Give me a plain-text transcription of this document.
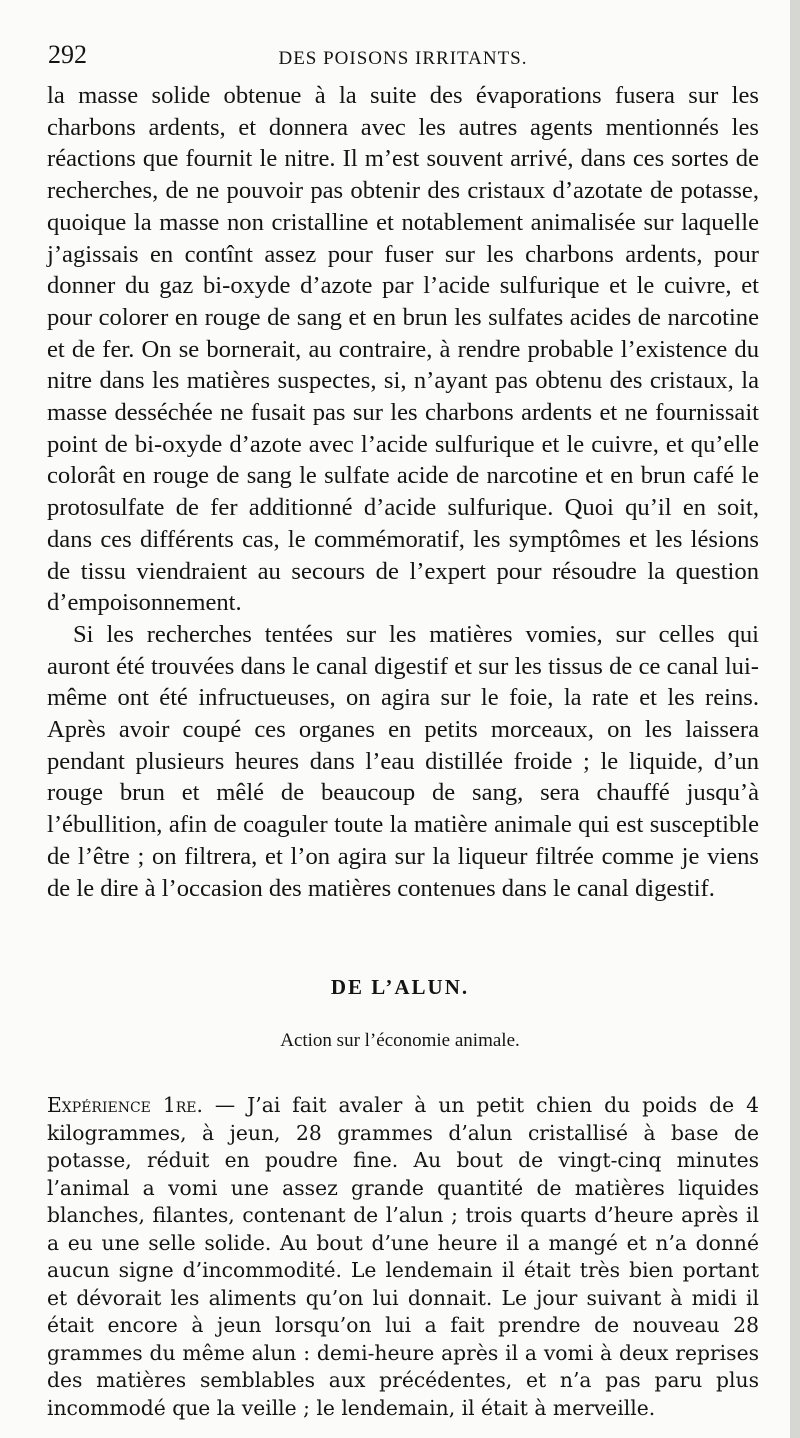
292	DES POISONS IRRITANTS.

la masse solide obtenue à la suite des évaporations fusera sur les charbons ardents, et donnera avec les autres agents mentionnés les réactions que fournit le nitre. Il m’est souvent arrivé, dans ces sortes de recherches, de ne pouvoir pas obtenir des cristaux d’azotate de potasse, quoique la masse non cristalline et notablement animalisée sur laquelle j’agissais en contînt assez pour fuser sur les charbons ardents, pour donner du gaz bi-oxyde d’azote par l’acide sulfurique et le cuivre, et pour colorer en rouge de sang et en brun les sulfates acides de narcotine et de fer. On se bornerait, au contraire, à rendre probable l’existence du nitre dans les matières suspectes, si, n’ayant pas obtenu des cristaux, la masse desséchée ne fusait pas sur les charbons ardents et ne fournissait point de bi-oxyde d’azote avec l’acide sulfurique et le cuivre, et qu’elle colorât en rouge de sang le sulfate acide de narcotine et en brun café le protosulfate de fer additionné d’acide sulfurique. Quoi qu’il en soit, dans ces différents cas, le commémoratif, les symptômes et les lésions de tissu viendraient au secours de l’expert pour résoudre la question d’empoisonnement.

Si les recherches tentées sur les matières vomies, sur celles qui auront été trouvées dans le canal digestif et sur les tissus de ce canal lui-même ont été infructueuses, on agira sur le foie, la rate et les reins. Après avoir coupé ces organes en petits morceaux, on les laissera pendant plusieurs heures dans l’eau distillée froide ; le liquide, d’un rouge brun et mêlé de beaucoup de sang, sera chauffé jusqu’à l’ébullition, afin de coaguler toute la matière animale qui est susceptible de l’être ; on filtrera, et l’on agira sur la liqueur filtrée comme je viens de le dire à l’occasion des matières contenues dans le canal digestif.

DE L’ALUN.
Action sur l’économie animale.

Expérience 1re. — J’ai fait avaler à un petit chien du poids de 4 kilogrammes, à jeun, 28 grammes d’alun cristallisé à base de potasse, réduit en poudre fine. Au bout de vingt-cinq minutes l’animal a vomi une assez grande quantité de matières liquides blanches, filantes, contenant de l’alun ; trois quarts d’heure après il a eu une selle solide. Au bout d’une heure il a mangé et n’a donné aucun signe d’incommodité. Le lendemain il était très bien portant et dévorait les aliments qu’on lui donnait. Le jour suivant à midi il était encore à jeun lorsqu’on lui a fait prendre de nouveau 28 grammes du même alun : demi-heure après il a vomi à deux reprises des matières semblables aux précédentes, et n’a pas paru plus incommodé que la veille ; le lendemain, il était à merveille.
